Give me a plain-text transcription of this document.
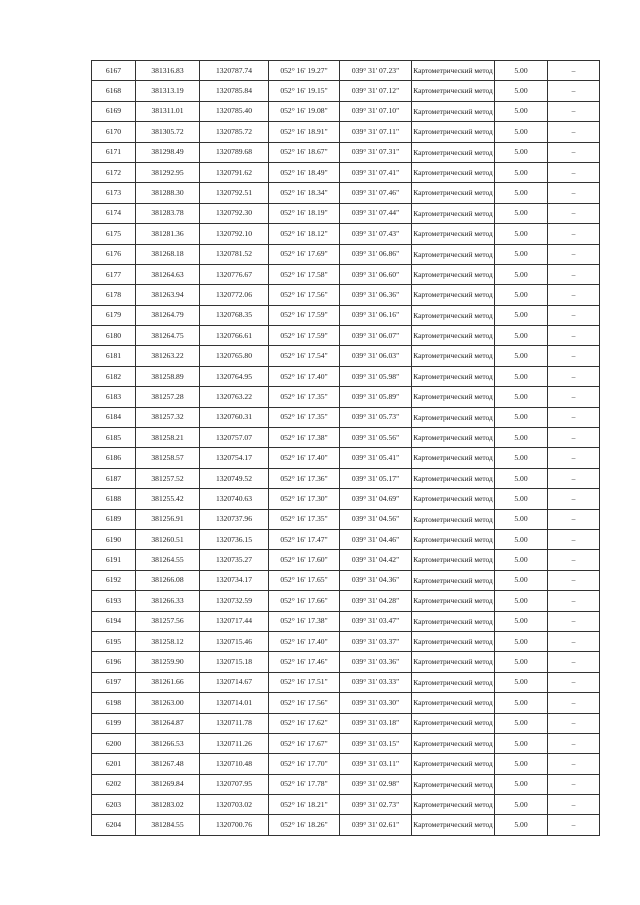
6167	381316.83	1320787.74	052° 16' 19.27"	039° 31' 07.23"	Картометрический метод	5.00	–
6168	381313.19	1320785.84	052° 16' 19.15"	039° 31' 07.12"	Картометрический метод	5.00	–
6169	381311.01	1320785.40	052° 16' 19.08"	039° 31' 07.10"	Картометрический метод	5.00	–
6170	381305.72	1320785.72	052° 16' 18.91"	039° 31' 07.11"	Картометрический метод	5.00	–
6171	381298.49	1320789.68	052° 16' 18.67"	039° 31' 07.31"	Картометрический метод	5.00	–
6172	381292.95	1320791.62	052° 16' 18.49"	039° 31' 07.41"	Картометрический метод	5.00	–
6173	381288.30	1320792.51	052° 16' 18.34"	039° 31' 07.46"	Картометрический метод	5.00	–
6174	381283.78	1320792.30	052° 16' 18.19"	039° 31' 07.44"	Картометрический метод	5.00	–
6175	381281.36	1320792.10	052° 16' 18.12"	039° 31' 07.43"	Картометрический метод	5.00	–
6176	381268.18	1320781.52	052° 16' 17.69"	039° 31' 06.86"	Картометрический метод	5.00	–
6177	381264.63	1320776.67	052° 16' 17.58"	039° 31' 06.60"	Картометрический метод	5.00	–
6178	381263.94	1320772.06	052° 16' 17.56"	039° 31' 06.36"	Картометрический метод	5.00	–
6179	381264.79	1320768.35	052° 16' 17.59"	039° 31' 06.16"	Картометрический метод	5.00	–
6180	381264.75	1320766.61	052° 16' 17.59"	039° 31' 06.07"	Картометрический метод	5.00	–
6181	381263.22	1320765.80	052° 16' 17.54"	039° 31' 06.03"	Картометрический метод	5.00	–
6182	381258.89	1320764.95	052° 16' 17.40"	039° 31' 05.98"	Картометрический метод	5.00	–
6183	381257.28	1320763.22	052° 16' 17.35"	039° 31' 05.89"	Картометрический метод	5.00	–
6184	381257.32	1320760.31	052° 16' 17.35"	039° 31' 05.73"	Картометрический метод	5.00	–
6185	381258.21	1320757.07	052° 16' 17.38"	039° 31' 05.56"	Картометрический метод	5.00	–
6186	381258.57	1320754.17	052° 16' 17.40"	039° 31' 05.41"	Картометрический метод	5.00	–
6187	381257.52	1320749.52	052° 16' 17.36"	039° 31' 05.17"	Картометрический метод	5.00	–
6188	381255.42	1320740.63	052° 16' 17.30"	039° 31' 04.69"	Картометрический метод	5.00	–
6189	381256.91	1320737.96	052° 16' 17.35"	039° 31' 04.56"	Картометрический метод	5.00	–
6190	381260.51	1320736.15	052° 16' 17.47"	039° 31' 04.46"	Картометрический метод	5.00	–
6191	381264.55	1320735.27	052° 16' 17.60"	039° 31' 04.42"	Картометрический метод	5.00	–
6192	381266.08	1320734.17	052° 16' 17.65"	039° 31' 04.36"	Картометрический метод	5.00	–
6193	381266.33	1320732.59	052° 16' 17.66"	039° 31' 04.28"	Картометрический метод	5.00	–
6194	381257.56	1320717.44	052° 16' 17.38"	039° 31' 03.47"	Картометрический метод	5.00	–
6195	381258.12	1320715.46	052° 16' 17.40"	039° 31' 03.37"	Картометрический метод	5.00	–
6196	381259.90	1320715.18	052° 16' 17.46"	039° 31' 03.36"	Картометрический метод	5.00	–
6197	381261.66	1320714.67	052° 16' 17.51"	039° 31' 03.33"	Картометрический метод	5.00	–
6198	381263.00	1320714.01	052° 16' 17.56"	039° 31' 03.30"	Картометрический метод	5.00	–
6199	381264.87	1320711.78	052° 16' 17.62"	039° 31' 03.18"	Картометрический метод	5.00	–
6200	381266.53	1320711.26	052° 16' 17.67"	039° 31' 03.15"	Картометрический метод	5.00	–
6201	381267.48	1320710.48	052° 16' 17.70"	039° 31' 03.11"	Картометрический метод	5.00	–
6202	381269.84	1320707.95	052° 16' 17.78"	039° 31' 02.98"	Картометрический метод	5.00	–
6203	381283.02	1320703.02	052° 16' 18.21"	039° 31' 02.73"	Картометрический метод	5.00	–
6204	381284.55	1320700.76	052° 16' 18.26"	039° 31' 02.61"	Картометрический метод	5.00	–
